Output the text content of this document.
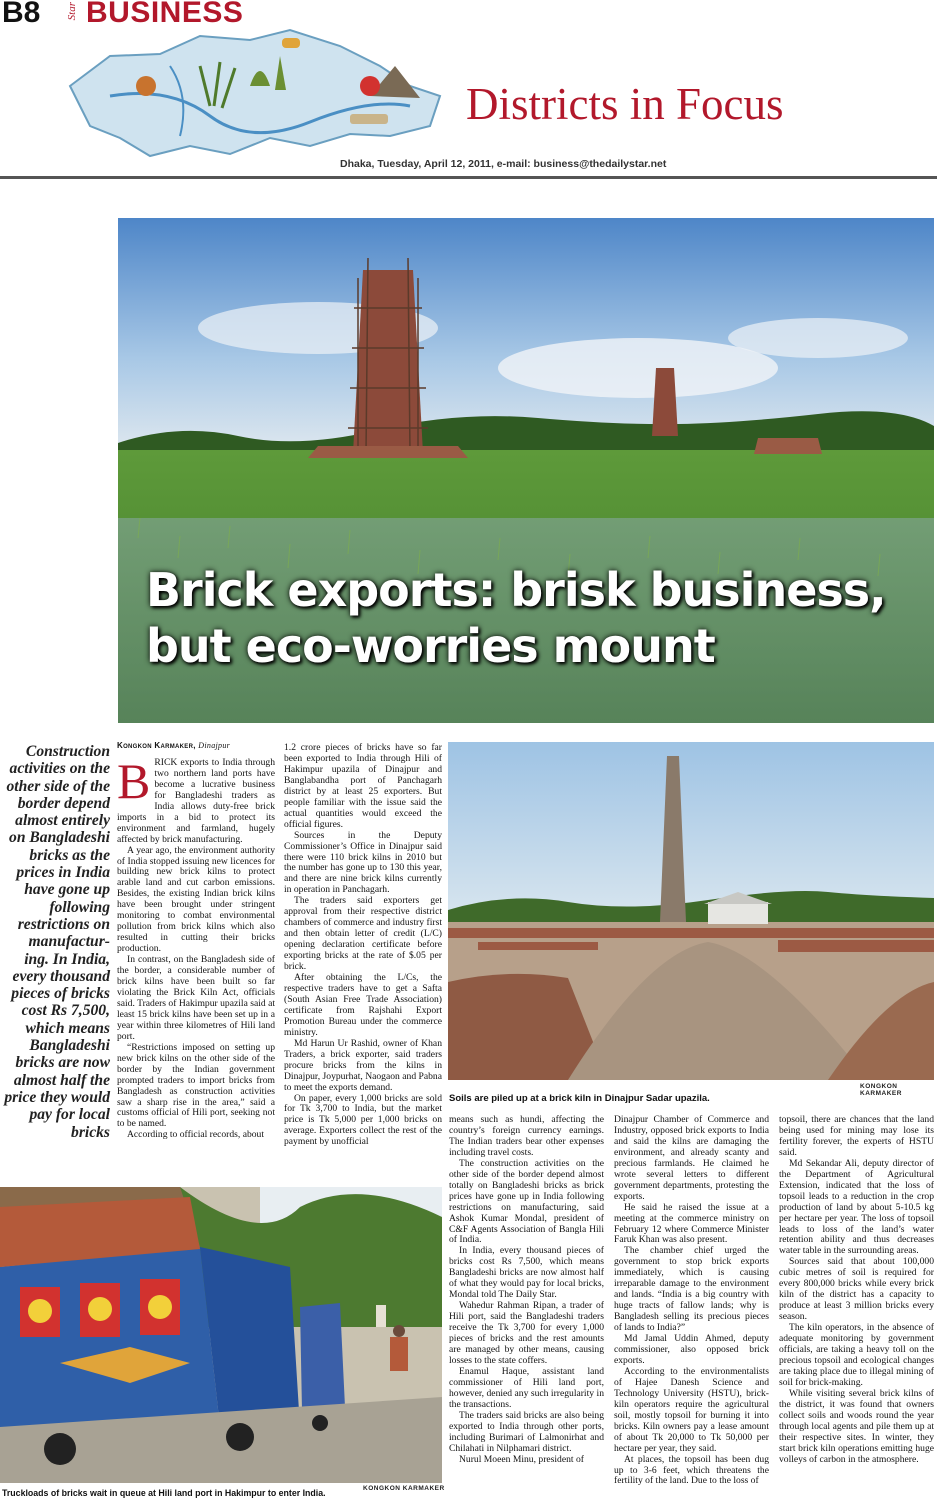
B8 Star BUSINESS
Districts in Focus
Dhaka, Tuesday, April 12, 2011, e-mail: business@thedailystar.net
Brick exports: brisk business,
but eco-worries mount
Construction activities on the other side of the border depend almost entirely on Bangladeshi bricks as the prices in India have gone up following restrictions on manufactur-ing. In India, every thousand pieces of bricks cost Rs 7,500, which means Bangladeshi bricks are now almost half the price they would pay for local bricks
Kongkon Karmaker, Dinajpur
B RICK exports to India through two northern land ports have become a lucrative business for Bangladeshi traders as India allows duty-free brick imports in a bid to protect its environment and farmland, hugely affected by brick manufacturing.

A year ago, the environment authority of India stopped issuing new licences for building new brick kilns to protect arable land and cut carbon emissions. Besides, the existing Indian brick kilns have been brought under stringent monitoring to combat environmental pollution from brick kilns which also resulted in cutting their bricks production.

In contrast, on the Bangladesh side of the border, a considerable number of brick kilns have been built so far violating the Brick Kiln Act, officials said. Traders of Hakimpur upazila said at least 15 brick kilns have been set up in a year within three kilometres of Hili land port.

“Restrictions imposed on setting up new brick kilns on the other side of the border by the Indian government prompted traders to import bricks from Bangladesh as construction activities saw a sharp rise in the area,” said a customs official of Hili port, seeking not to be named.

According to official records, about

1.2 crore pieces of bricks have so far been exported to India through Hili of Hakimpur upazila of Dinajpur and Banglabandha port of Panchagarh district by at least 25 exporters. But people familiar with the issue said the actual quantities would exceed the official figures.

Sources in the Deputy Commissioner’s Office in Dinajpur said there were 110 brick kilns in 2010 but the number has gone up to 130 this year, and there are nine brick kilns currently in operation in Panchagarh.

The traders said exporters get approval from their respective district chambers of commerce and industry first and then obtain letter of credit (L/C) opening declaration certificate before exporting bricks at the rate of $.05 per brick.

After obtaining the L/Cs, the respective traders have to get a Safta (South Asian Free Trade Association) certificate from Rajshahi Export Promotion Bureau under the commerce ministry.

Md Harun Ur Rashid, owner of Khan Traders, a brick exporter, said traders procure bricks from the kilns in Dinajpur, Joypurhat, Naogaon and Pabna to meet the exports demand.

On paper, every 1,000 bricks are sold for Tk 3,700 to India, but the market price is Tk 5,000 per 1,000 bricks on average. Exporters collect the rest of the payment by unofficial

KONGKON KARMAKER
Soils are piled up at a brick kiln in Dinajpur Sadar upazila.

means such as hundi, affecting the country’s foreign currency earnings. The Indian traders bear other expenses including travel costs.

The construction activities on the other side of the border depend almost totally on Bangladeshi bricks as brick prices have gone up in India following restrictions on manufacturing, said Ashok Kumar Mondal, president of C&F Agents Association of Bangla Hili of India.

In India, every thousand pieces of bricks cost Rs 7,500, which means Bangladeshi bricks are now almost half of what they would pay for local bricks, Mondal told The Daily Star.

Wahedur Rahman Ripan, a trader of Hili port, said the Bangladeshi traders receive the Tk 3,700 for every 1,000 pieces of bricks and the rest amounts are managed by other means, causing losses to the state coffers.

Enamul Haque, assistant land commissioner of Hili land port, however, denied any such irregularity in the transactions.

The traders said bricks are also being exported to India through other ports, including Burimari of Lalmonirhat and Chilahati in Nilphamari district.

Nurul Moeen Minu, president of

Dinajpur Chamber of Commerce and Industry, opposed brick exports to India and said the kilns are damaging the environment, and already scanty and precious farmlands. He claimed he wrote several letters to different government departments, protesting the exports.

He said he raised the issue at a meeting at the commerce ministry on February 12 where Commerce Minister Faruk Khan was also present.

The chamber chief urged the government to stop brick exports immediately, which is causing irreparable damage to the environment and lands. “India is a big country with huge tracts of fallow lands; why is Bangladesh selling its precious pieces of lands to India?”

Md Jamal Uddin Ahmed, deputy commissioner, also opposed brick exports.

According to the environmentalists of Hajee Danesh Science and Technology University (HSTU), brick-kiln operators require the agricultural soil, mostly topsoil for burning it into bricks. Kiln owners pay a lease amount of about Tk 20,000 to Tk 50,000 per hectare per year, they said.

At places, the topsoil has been dug up to 3-6 feet, which threatens the fertility of the land. Due to the loss of

topsoil, there are chances that the land being used for mining may lose its fertility forever, the experts of HSTU said.

Md Sekandar Ali, deputy director of the Department of Agricultural Extension, indicated that the loss of topsoil leads to a reduction in the crop production of land by about 5-10.5 kg per hectare per year. The loss of topsoil leads to loss of the land’s water retention ability and thus decreases water table in the surrounding areas.

Sources said that about 100,000 cubic metres of soil is required for every 800,000 bricks while every brick kiln of the district has a capacity to produce at least 3 million bricks every season.

The kiln operators, in the absence of adequate monitoring by government officials, are taking a heavy toll on the precious topsoil and ecological changes are taking place due to illegal mining of soil for brick-making.

While visiting several brick kilns of the district, it was found that owners collect soils and woods round the year through local agents and pile them up at their respective sites. In winter, they start brick kiln operations emitting huge volleys of carbon in the atmosphere.

KONGKON KARMAKER
Truckloads of bricks wait in queue at Hili land port in Hakimpur to enter India.
